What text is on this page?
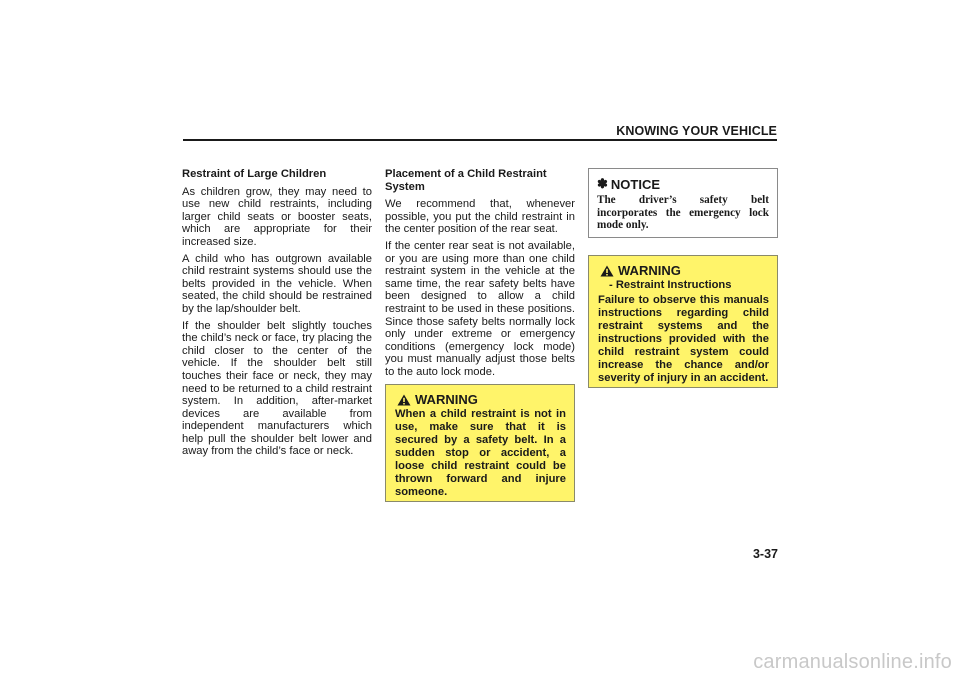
KNOWING YOUR VEHICLE
Restraint of Large Children

As children grow, they may need to use new child restraints, including larger child seats or booster seats, which are appropriate for their increased size.

A child who has outgrown available child restraint systems should use the belts provided in the vehicle. When seated, the child should be restrained by the lap/shoulder belt.

If the shoulder belt slightly touches the child’s neck or face, try placing the child closer to the center of the vehicle. If the shoulder belt still touches their face or neck, they may need to be returned to a child restraint system. In addition, after-market devices are available from independent manufacturers which help pull the shoulder belt lower and away from the child’s face or neck.

Placement of a Child Restraint System

We recommend that, whenever possible, you put the child restraint in the center position of the rear seat.

If the center rear seat is not available, or you are using more than one child restraint system in the vehicle at the same time, the rear safety belts have been designed to allow a child restraint to be used in these positions. Since those safety belts normally lock only under extreme or emergency conditions (emergency lock mode) you must manually adjust those belts to the auto lock mode.

WARNING
When a child restraint is not in use, make sure that it is secured by a safety belt. In a sudden stop or accident, a loose child restraint could be thrown forward and injure someone.
✽ NOTICE
The driver’s safety belt incorporates the emergency lock mode only.
WARNING
- Restraint Instructions
Failure to observe this manuals instructions regarding child restraint systems and the instructions provided with the child restraint system could increase the chance and/or severity of injury in an accident.
3-37
carmanualsonline.info
